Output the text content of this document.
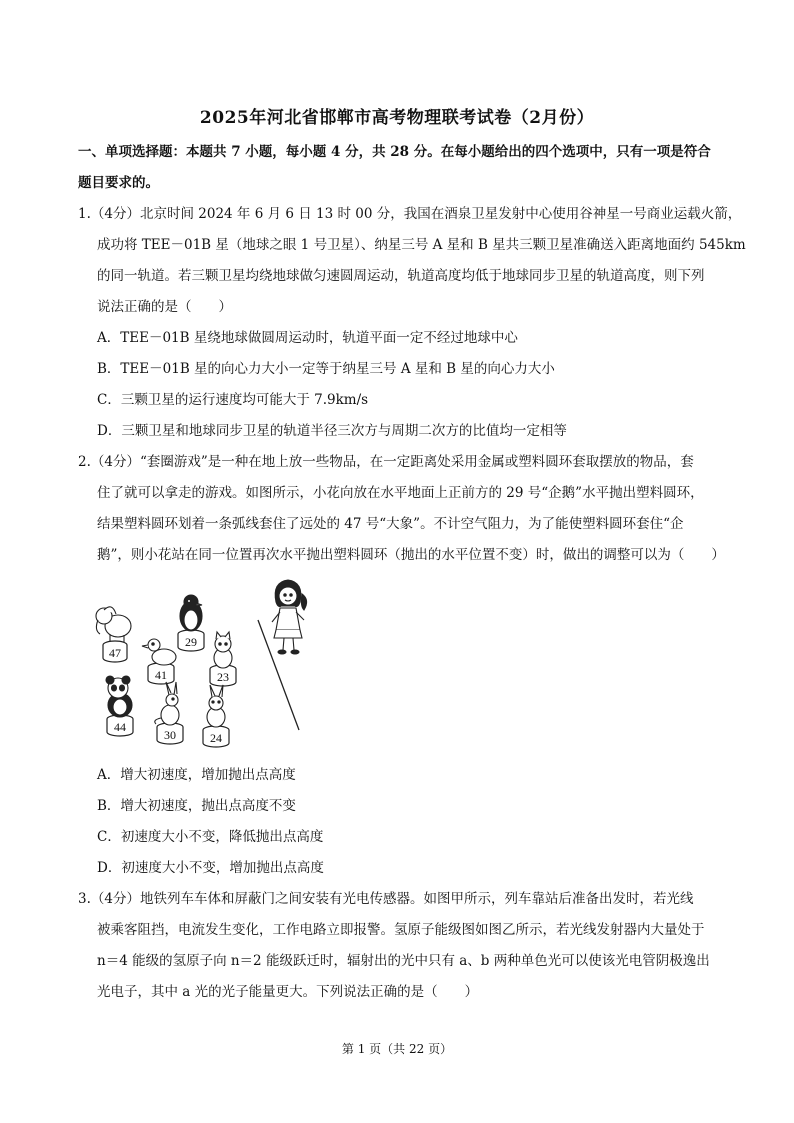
2025年河北省邯郸市高考物理联考试卷（2月份）
一、单项选择题：本题共 7 小题，每小题 4 分，共 28 分。在每小题给出的四个选项中，只有一项是符合
题目要求的。
1.（4分）北京时间 2024 年 6 月 6 日 13 时 00 分，我国在酒泉卫星发射中心使用谷神星一号商业运载火箭，
成功将 TEE－01B 星（地球之眼 1 号卫星）、纳星三号 A 星和 B 星共三颗卫星准确送入距离地面约 545km
的同一轨道。若三颗卫星均绕地球做匀速圆周运动，轨道高度均低于地球同步卫星的轨道高度，则下列
说法正确的是（　　）
A．TEE－01B 星绕地球做圆周运动时，轨道平面一定不经过地球中心
B．TEE－01B 星的向心力大小一定等于纳星三号 A 星和 B 星的向心力大小
C．三颗卫星的运行速度均可能大于 7.9km/s
D．三颗卫星和地球同步卫星的轨道半径三次方与周期二次方的比值均一定相等
2.（4分）“套圈游戏”是一种在地上放一些物品，在一定距离处采用金属或塑料圆环套取摆放的物品，套
住了就可以拿走的游戏。如图所示，小花向放在水平地面上正前方的 29 号“企鹅”水平抛出塑料圆环，
结果塑料圆环划着一条弧线套住了远处的 47 号“大象”。不计空气阻力，为了能使塑料圆环套住“企
鹅”，则小花站在同一位置再次水平抛出塑料圆环（抛出的水平位置不变）时，做出的调整可以为（　　）
47
29
41	23
44
30	24
A．增大初速度，增加抛出点高度
B．增大初速度，抛出点高度不变
C．初速度大小不变，降低抛出点高度
D．初速度大小不变，增加抛出点高度
3.（4分）地铁列车车体和屏蔽门之间安装有光电传感器。如图甲所示，列车靠站后准备出发时，若光线
被乘客阻挡，电流发生变化，工作电路立即报警。氢原子能级图如图乙所示，若光线发射器内大量处于
n＝4 能级的氢原子向 n＝2 能级跃迁时，辐射出的光中只有 a、b 两种单色光可以使该光电管阴极逸出
光电子，其中 a 光的光子能量更大。下列说法正确的是（　　）
第 1 页（共 22 页）
